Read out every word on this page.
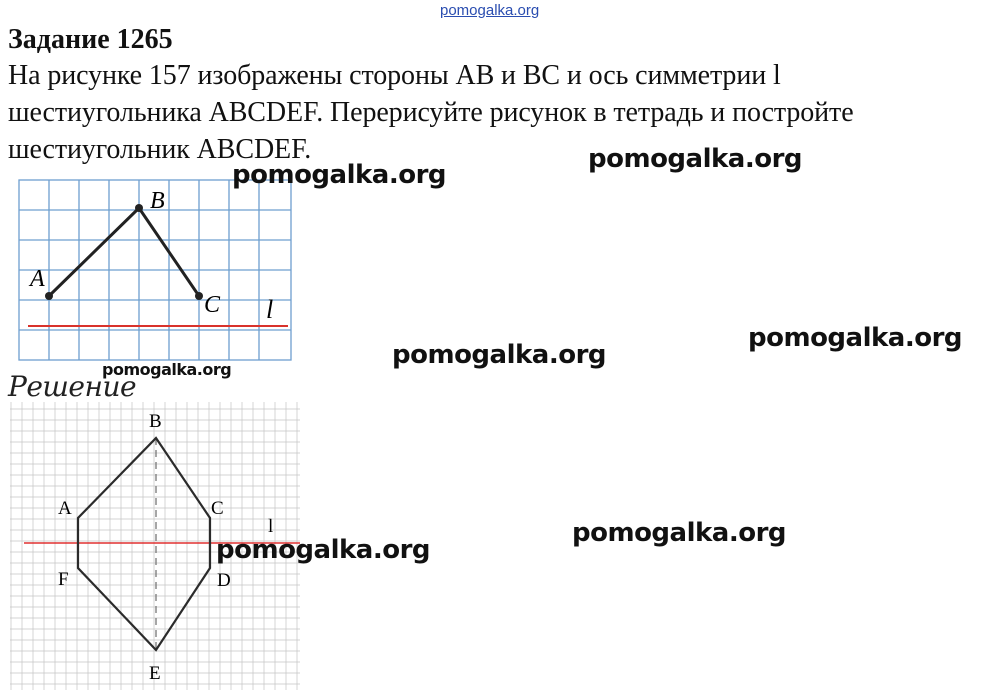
pomogalka.org
Задание 1265
На рисунке 157 изображены стороны AB и BC и ось симметрии l
шестиугольника ABCDEF. Перерисуйте рисунок в тетрадь и постройте
шестиугольник ABCDEF.
A
B
C l
Решение
B
A	C
F	D
E
l
pomogalka.org
pomogalka.org
pomogalka.org
pomogalka.org
pomogalka.org
pomogalka.org
pomogalka.org
